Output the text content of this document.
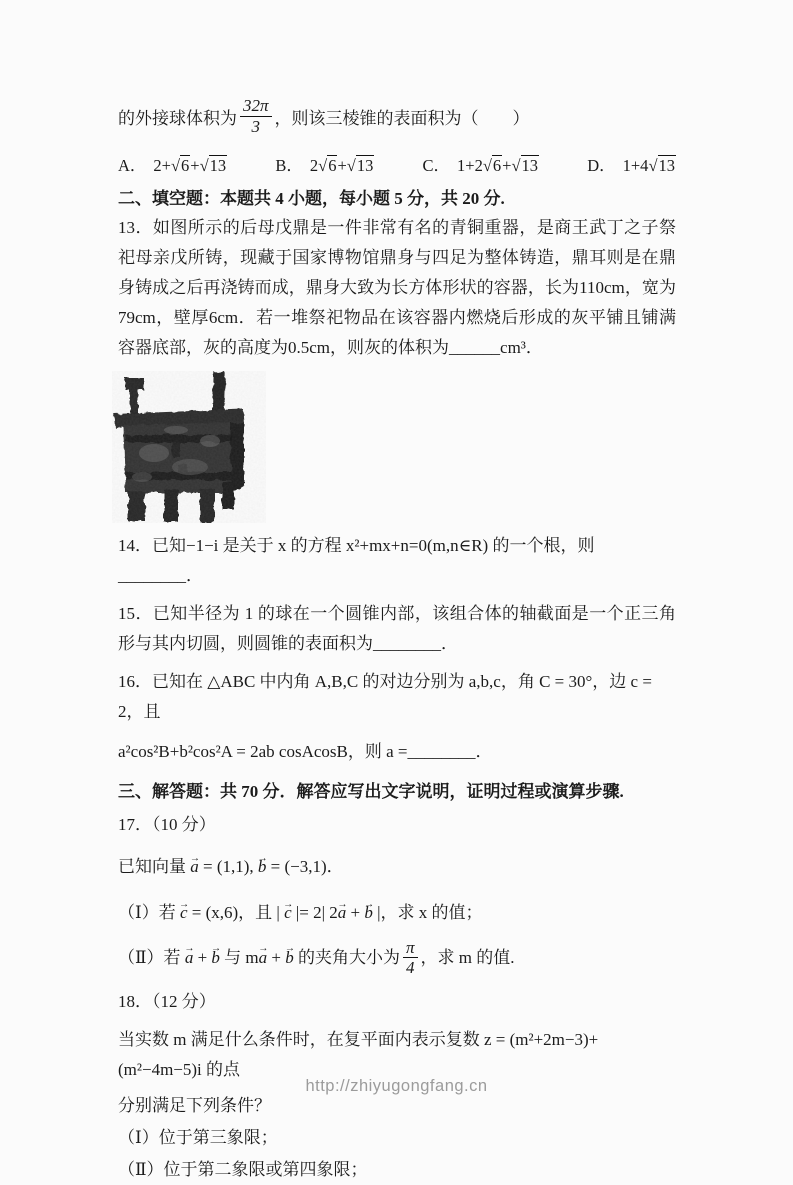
的外接球体积为 $\frac{32\pi}{3}$ ，则该三棱锥的表面积为（　　）
A． 2+√6+√13	B． 2√6+√13	C． 1+2√6+√13	D． 1+4√13
二、填空题：本题共 4 小题，每小题 5 分，共 20 分.

13．如图所示的后母戊鼎是一件非常有名的青铜重器，是商王武丁之子祭祀母亲戊所铸，现藏于国家博物馆鼎身与四足为整体铸造，鼎耳则是在鼎身铸成之后再浇铸而成，鼎身大致为长方体形状的容器，长为110cm，宽为79cm，壁厚6cm．若一堆祭祀物品在该容器内燃烧后形成的灰平铺且铺满容器底部，灰的高度为0.5cm，则灰的体积为______cm³．

14．已知−1−i 是关于 x 的方程 x²+mx+n=0(m,n∈R) 的一个根，则________．

15．已知半径为 1 的球在一个圆锥内部，该组合体的轴截面是一个正三角形与其内切圆，则圆锥的表面积为________．

16．已知在 △ABC 中内角 A,B,C 的对边分别为 a,b,c，角 C = 30°，边 c = 2，且

a²cos²B+b²cos²A = 2ab cosAcosB，则 a =________．

三、解答题：共 70 分．解答应写出文字说明，证明过程或演算步骤.

17．（10 分）

已知向量 a → = (1,1), b → = (−3,1)．

（Ⅰ）若 c → = (x,6)，且 | c → |= 2| 2a → + b → |，求 x 的值；

（Ⅱ）若 a → + b → 与 ma → + b → 的夹角大小为 $\frac{\pi}{4}$ ，求 m 的值.

18．（12 分）

当实数 m 满足什么条件时，在复平面内表示复数 z = (m²+2m−3)+(m²−4m−5)i 的点

分别满足下列条件？

（Ⅰ）位于第三象限；

（Ⅱ）位于第二象限或第四象限；

http://zhiyugongfang.cn
